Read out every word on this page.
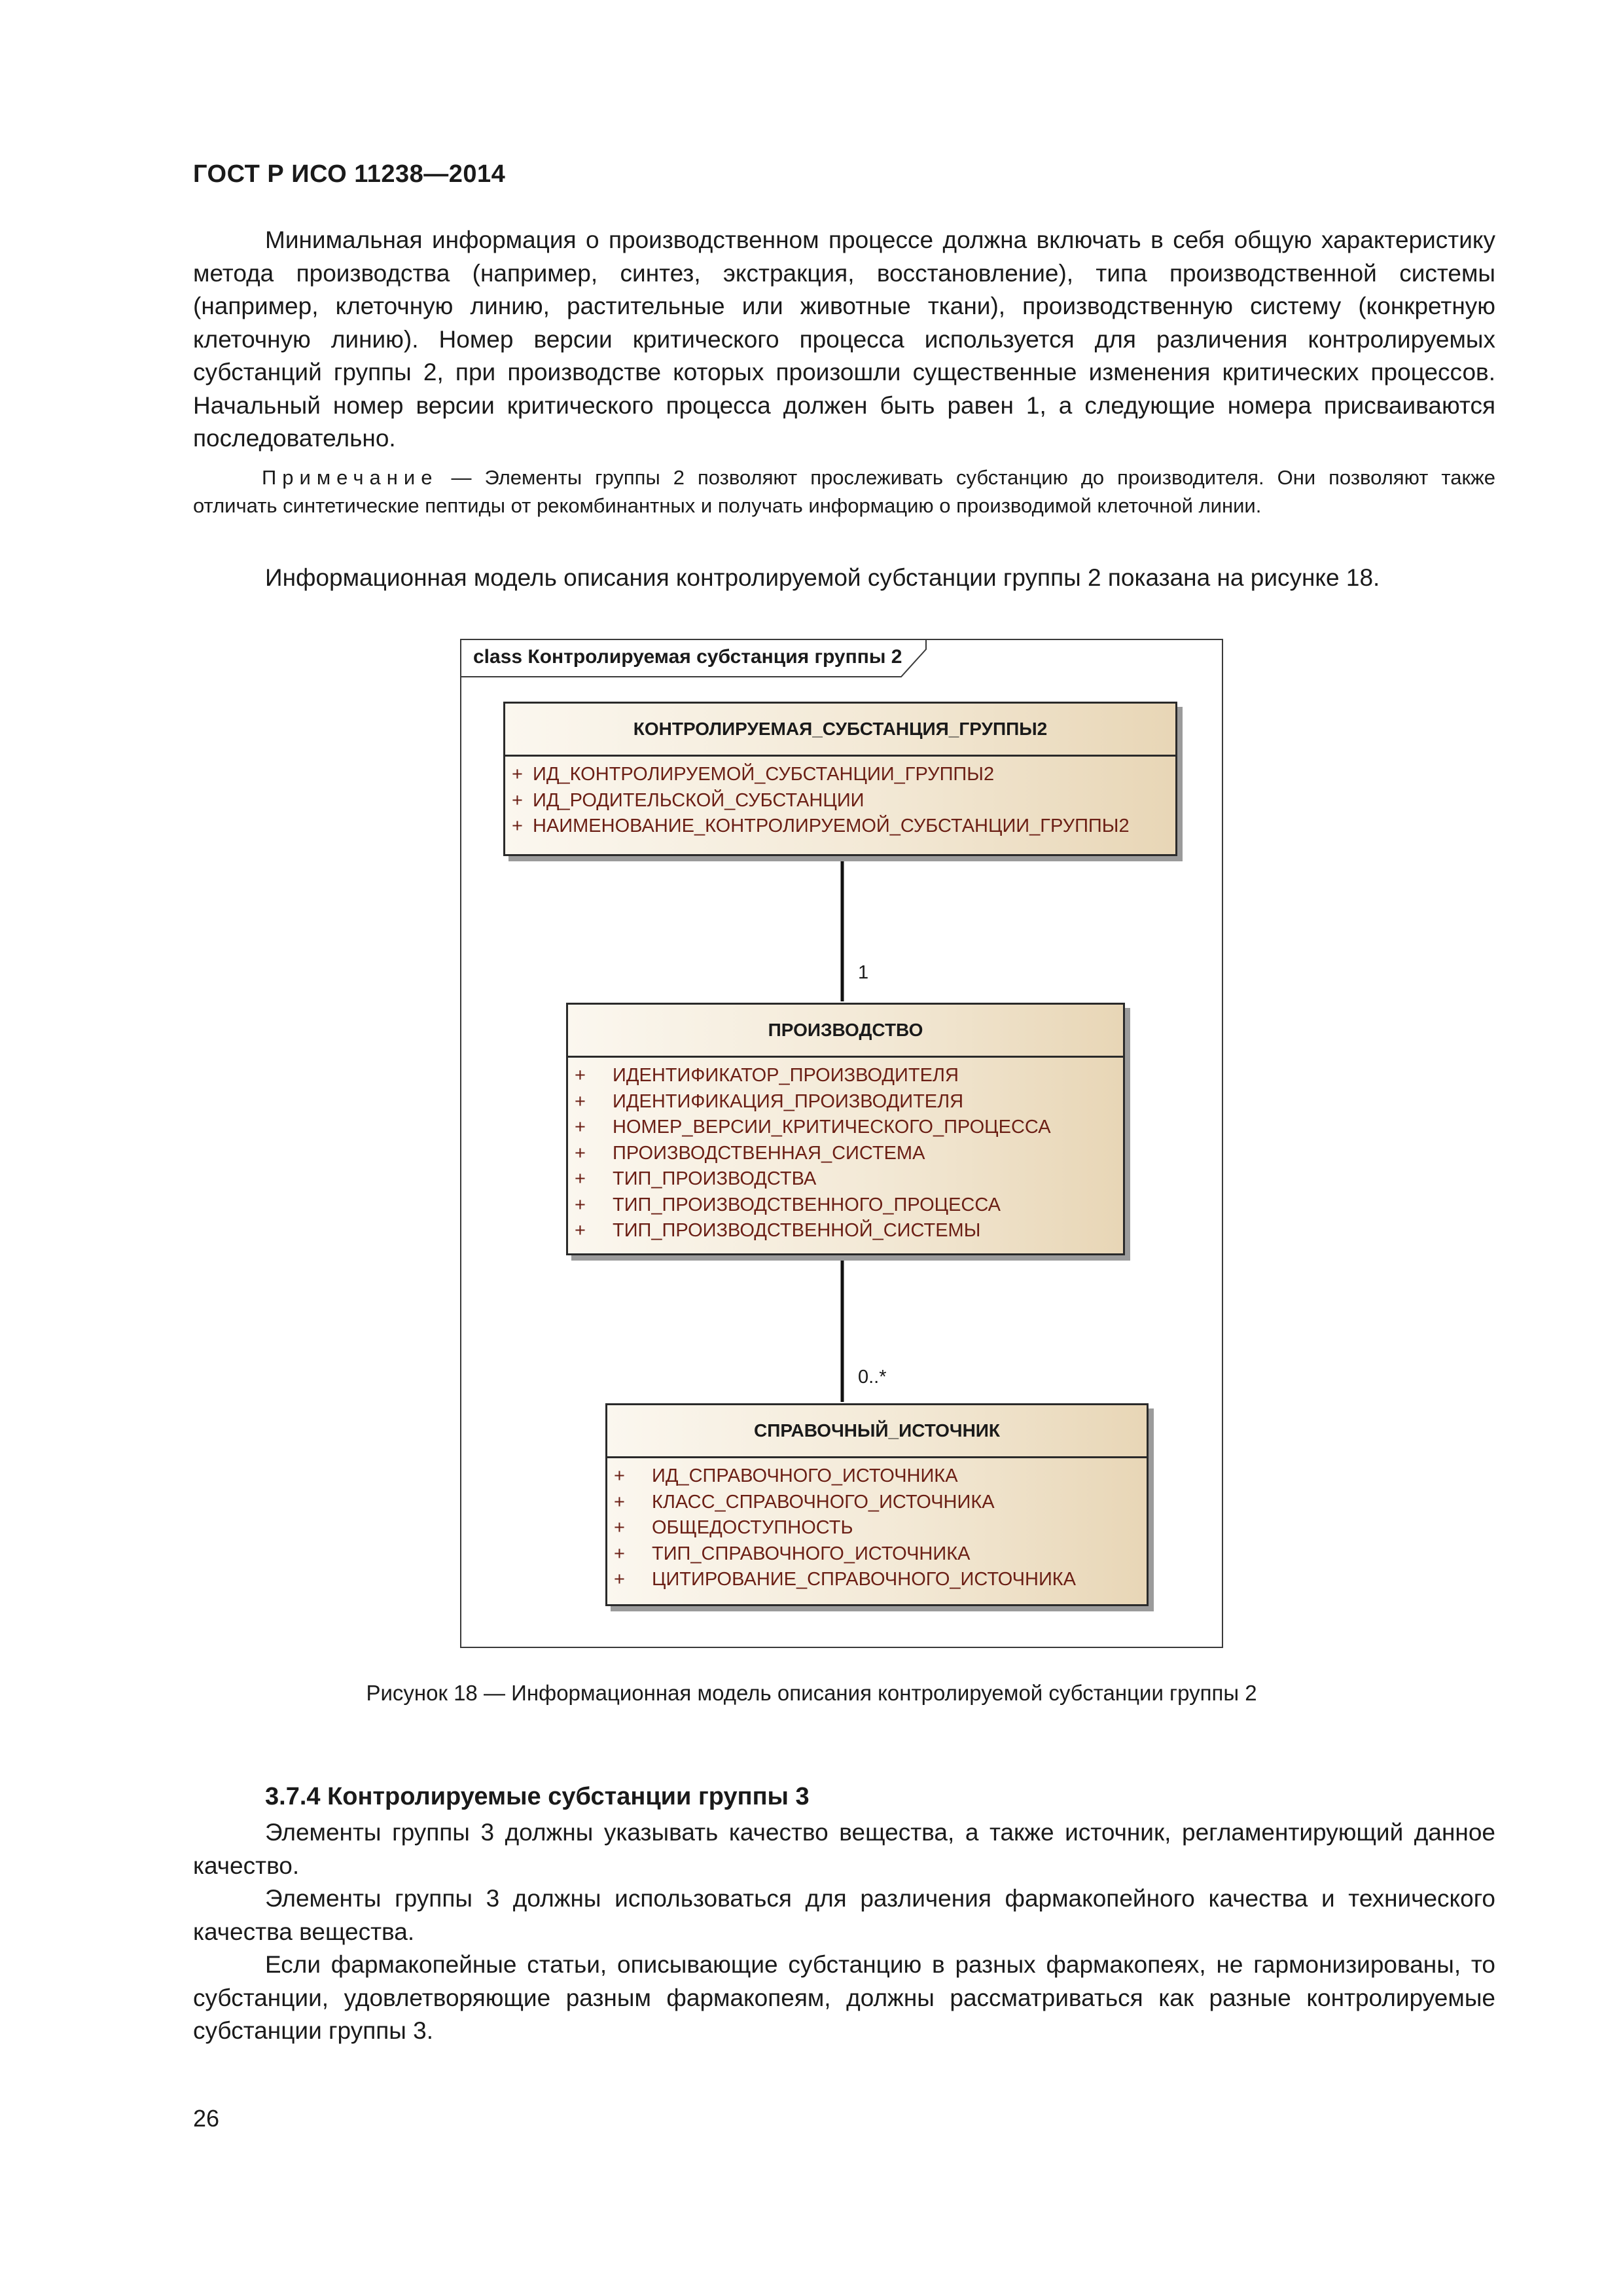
ГОСТ Р ИСО 11238—2014
Минимальная информация о производственном процессе должна включать в себя общую характеристику метода производства (например, синтез, экстракция, восстановление), типа производственной системы (например, клеточную линию, растительные или животные ткани), производственную систему (конкретную клеточную линию). Номер версии критического процесса используется для различения контролируемых субстанций группы 2, при производстве которых произошли существенные изменения критических процессов. Начальный номер версии критического процесса должен быть равен 1, а следующие номера присваиваются последовательно.
Примечание — Элементы группы 2 позволяют прослеживать субстанцию до производителя. Они позволяют также отличать синтетические пептиды от рекомбинантных и получать информацию о производимой клеточной линии.
Информационная модель описания контролируемой субстанции группы 2 показана на рисунке 18.
class Контролируемая субстанция группы 2
КОНТРОЛИРУЕМАЯ_СУБСТАНЦИЯ_ГРУППЫ2
+ ИД_КОНТРОЛИРУЕМОЙ_СУБСТАНЦИИ_ГРУППЫ2
+ ИД_РОДИТЕЛЬСКОЙ_СУБСТАНЦИИ
+ НАИМЕНОВАНИЕ_КОНТРОЛИРУЕМОЙ_СУБСТАНЦИИ_ГРУППЫ2
1
ПРОИЗВОДСТВО
+ ИДЕНТИФИКАТОР_ПРОИЗВОДИТЕЛЯ
+ ИДЕНТИФИКАЦИЯ_ПРОИЗВОДИТЕЛЯ
+ НОМЕР_ВЕРСИИ_КРИТИЧЕСКОГО_ПРОЦЕССА
+ ПРОИЗВОДСТВЕННАЯ_СИСТЕМА
+ ТИП_ПРОИЗВОДСТВА
+ ТИП_ПРОИЗВОДСТВЕННОГО_ПРОЦЕССА
+ ТИП_ПРОИЗВОДСТВЕННОЙ_СИСТЕМЫ
0..*
СПРАВОЧНЫЙ_ИСТОЧНИК
+ ИД_СПРАВОЧНОГО_ИСТОЧНИКА
+ КЛАСС_СПРАВОЧНОГО_ИСТОЧНИКА
+ ОБЩЕДОСТУПНОСТЬ
+ ТИП_СПРАВОЧНОГО_ИСТОЧНИКА
+ ЦИТИРОВАНИЕ_СПРАВОЧНОГО_ИСТОЧНИКА
Рисунок 18 — Информационная модель описания контролируемой субстанции группы 2
3.7.4 Контролируемые субстанции группы 3
Элементы группы 3 должны указывать качество вещества, а также источник, регламентирующий данное качество.
Элементы группы 3 должны использоваться для различения фармакопейного качества и технического качества вещества.
Если фармакопейные статьи, описывающие субстанцию в разных фармакопеях, не гармонизированы, то субстанции, удовлетворяющие разным фармакопеям, должны рассматриваться как разные контролируемые субстанции группы 3.
26
